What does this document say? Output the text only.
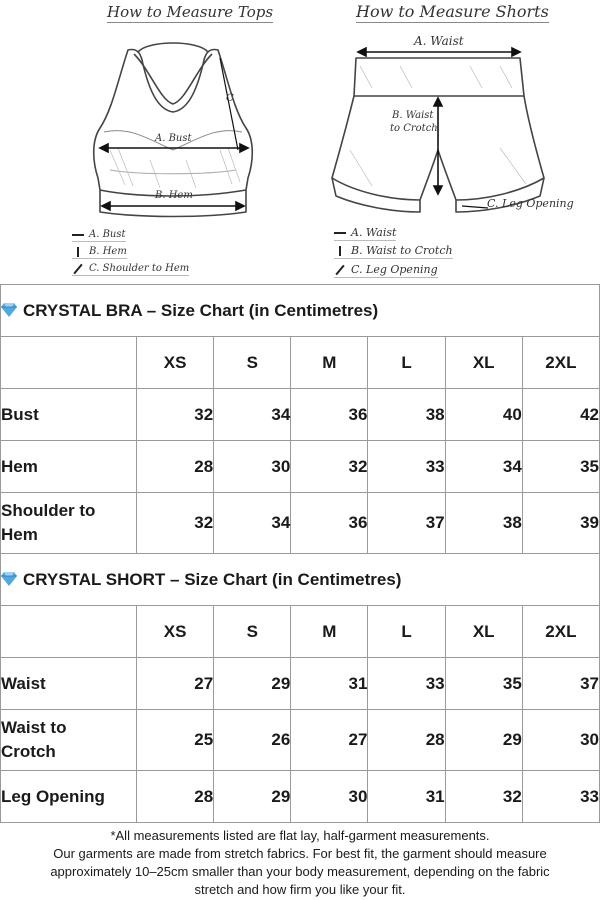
How to Measure Tops
A. Bust
B. Hem
C
A. Bust
B. Hem
C. Shoulder to Hem
How to Measure Shorts
A. Waist
B. Waist
to Crotch
C. Leg Opening
A. Waist
B. Waist to Crotch
C. Leg Opening
CRYSTAL BRA – Size Chart (in Centimetres)						
	XS	S	M	L	XL	2XL
Bust	32	34	36	38	40	42
Hem	28	30	32	33	34	35
Shoulder to
Hem	32	34	36	37	38	39
CRYSTAL SHORT – Size Chart (in Centimetres)						
	XS	S	M	L	XL	2XL
Waist	27	29	31	33	35	37
Waist to
Crotch	25	26	27	28	29	30
Leg Opening	28	29	30	31	32	33

*All measurements listed are flat lay, half-garment measurements.

Our garments are made from stretch fabrics. For best fit, the garment should measure

approximately 10–25cm smaller than your body measurement, depending on the fabric

stretch and how firm you like your fit.
